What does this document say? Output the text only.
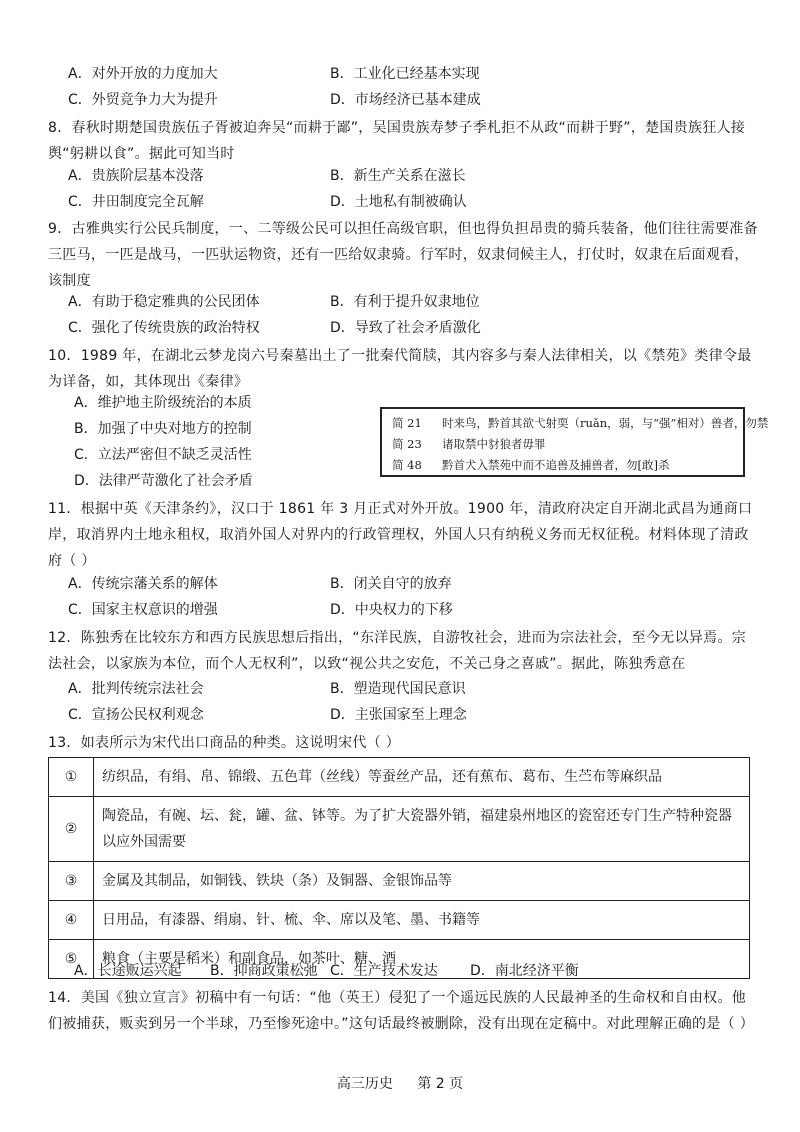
A．对外开放的力度加大	B．工业化已经基本实现
C．外贸竞争力大为提升	D．市场经济已基本建成
8．春秋时期楚国贵族伍子胥被迫奔吴“而耕于鄙”，吴国贵族寿梦子季札拒不从政“而耕于野”，楚国贵族狂人接舆“躬耕以食”。据此可知当时
A．贵族阶层基本没落	B．新生产关系在滋长
C．井田制度完全瓦解	D．土地私有制被确认
9．古雅典实行公民兵制度，一、二等级公民可以担任高级官职，但也得负担昂贵的骑兵装备，他们往往需要准备三匹马，一匹是战马，一匹驮运物资，还有一匹给奴隶骑。行军时，奴隶伺候主人，打仗时，奴隶在后面观看，该制度
A．有助于稳定雅典的公民团体	B．有利于提升奴隶地位
C．强化了传统贵族的政治特权	D．导致了社会矛盾激化
10．1989 年，在湖北云梦龙岗六号秦墓出土了一批秦代简牍，其内容多与秦人法律相关，以《禁苑》类律令最为详备，如，其体现出《秦律》
A．维护地主阶级统治的本质
B．加强了中央对地方的控制
C．立法严密但不缺乏灵活性
D．法律严苛激化了社会矛盾
简 21 时来鸟，黔首其欲弋射耎（ruǎn，弱，与“强”相对）兽者，勿禁
简 23 诸取禁中豺狼者毋罪
简 48 黔首犬入禁苑中而不追兽及捕兽者，勿[敢]杀
11．根据中英《天津条约》，汉口于 1861 年 3 月正式对外开放。1900 年，清政府决定自开湖北武昌为通商口岸，取消界内土地永租权，取消外国人对界内的行政管理权，外国人只有纳税义务而无权征税。材料体现了清政府（ ）
A．传统宗藩关系的解体	B．闭关自守的放弃
C．国家主权意识的增强	D．中央权力的下移
12．陈独秀在比较东方和西方民族思想后指出，“东洋民族，自游牧社会，进而为宗法社会，至今无以异焉。宗法社会，以家族为本位，而个人无权利”，以致“视公共之安危，不关己身之喜戚”。据此，陈独秀意在
A．批判传统宗法社会	B．塑造现代国民意识
C．宣扬公民权利观念	D．主张国家至上理念
13．如表所示为宋代出口商品的种类。这说明宋代（ ）
①	纺织品，有绢、帛、锦缎、五色茸（丝线）等蚕丝产品，还有蕉布、葛布、生苎布等麻织品
②	陶瓷品，有碗、坛、瓮，罐、盆、钵等。为了扩大瓷器外销，福建泉州地区的瓷窑还专门生产特种瓷器以应外国需要
③	金属及其制品，如铜钱、铁块（条）及铜器、金银饰品等
④	日用品，有漆器、绢扇、针、梳、伞、席以及笔、墨、书籍等
⑤	粮食（主要是稻米）和副食品，如茶叶、糖、酒
A．长途贩运兴起 B．抑商政策松弛 C．生产技术发达 D．南北经济平衡
14．美国《独立宣言》初稿中有一句话：“他（英王）侵犯了一个遥远民族的人民最神圣的生命权和自由权。他们被捕获，贩卖到另一个半球，乃至惨死途中。”这句话最终被删除，没有出现在定稿中。对此理解正确的是（ ）
高三历史 第 2 页
